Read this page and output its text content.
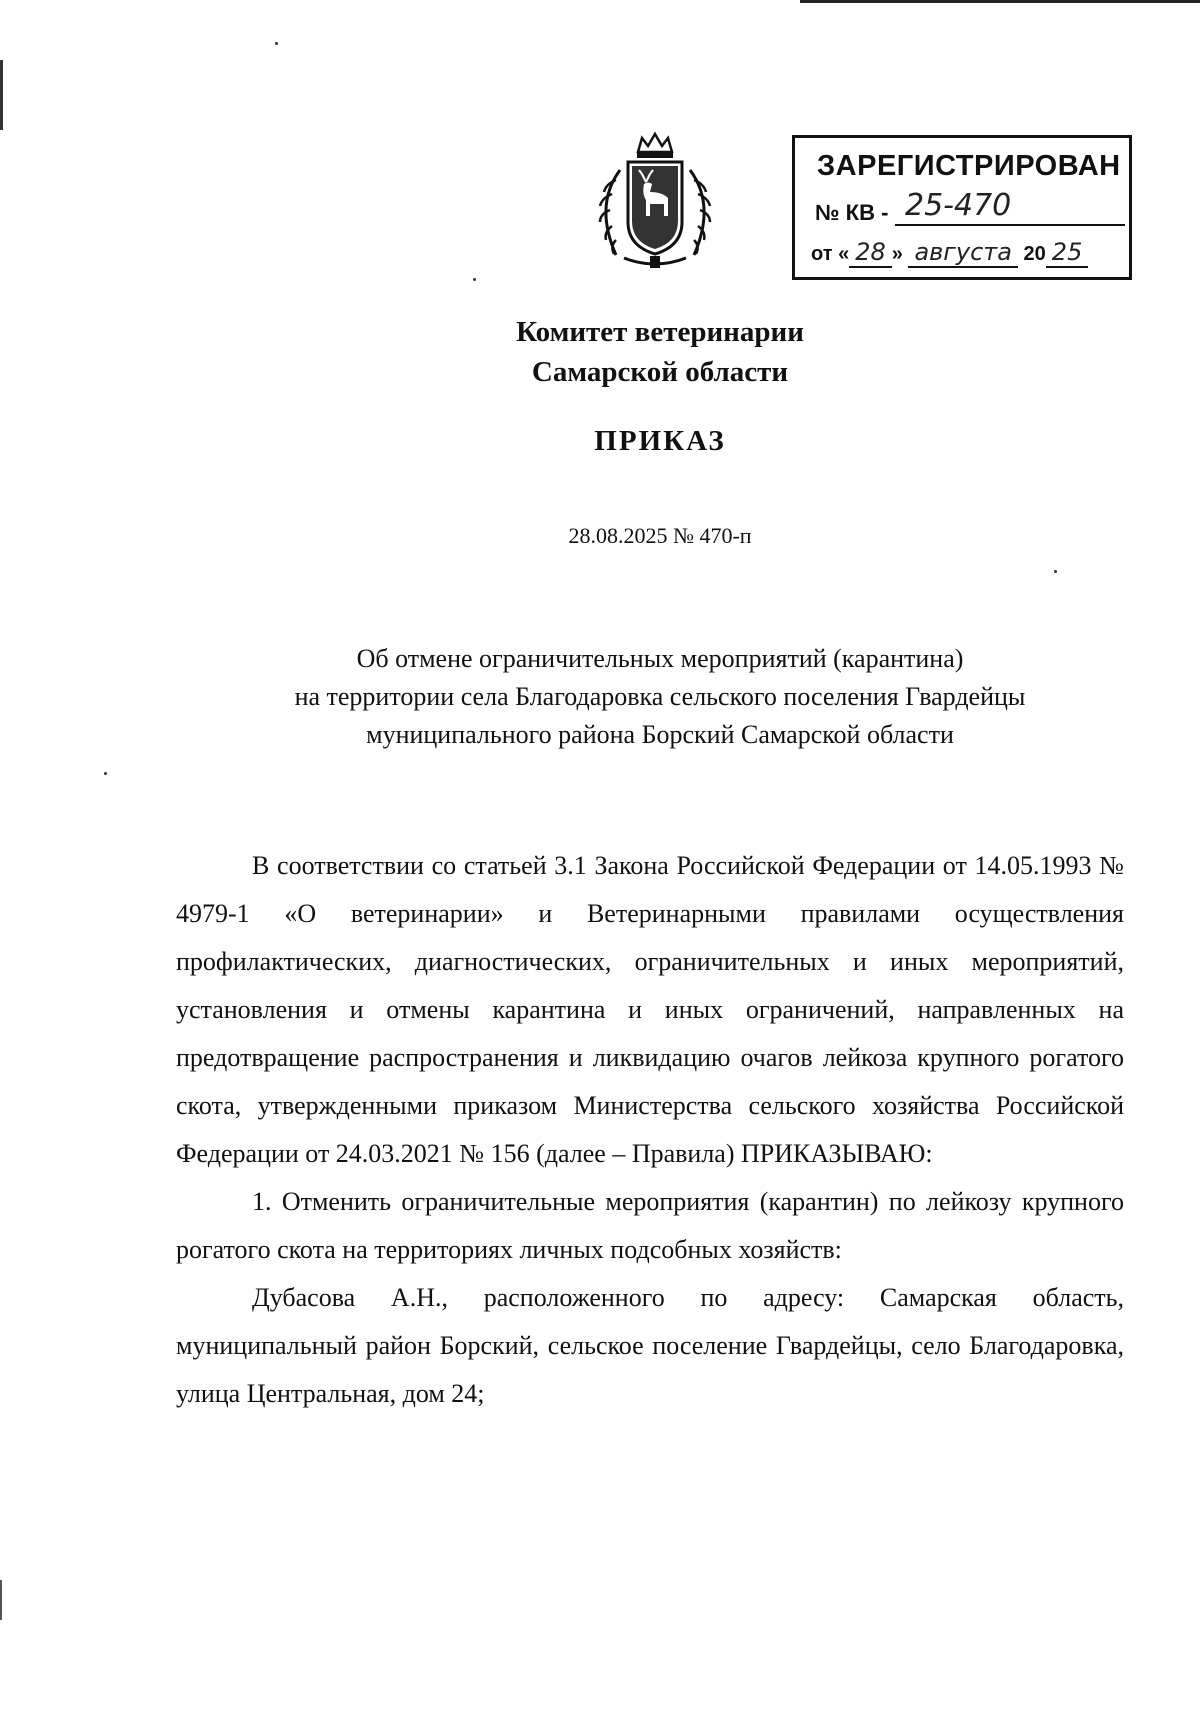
ЗАРЕГИСТРИРОВАН
№ КВ - 25-470
от « 28 » августа 20 25
Комитет ветеринарии
Самарской области
ПРИКАЗ
28.08.2025 № 470-п
Об отмене ограничительных мероприятий (карантина)
на территории села Благодаровка сельского поселения Гвардейцы
муниципального района Борский Самарской области

В соответствии со статьей 3.1 Закона Российской Федерации от 14.05.1993 № 4979-1 «О ветеринарии» и Ветеринарными правилами осуществления профилактических, диагностических, ограничительных и иных мероприятий, установления и отмены карантина и иных ограничений, направленных на предотвращение распространения и ликвидацию очагов лейкоза крупного рогатого скота, утвержденными приказом Министерства сельского хозяйства Российской Федерации от 24.03.2021 № 156 (далее – Правила) ПРИКАЗЫВАЮ:

1. Отменить ограничительные мероприятия (карантин) по лейкозу крупного рогатого скота на территориях личных подсобных хозяйств:

Дубасова А.Н., расположенного по адресу: Самарская область, муниципальный район Борский, сельское поселение Гвардейцы, село Благодаровка, улица Центральная, дом 24;
